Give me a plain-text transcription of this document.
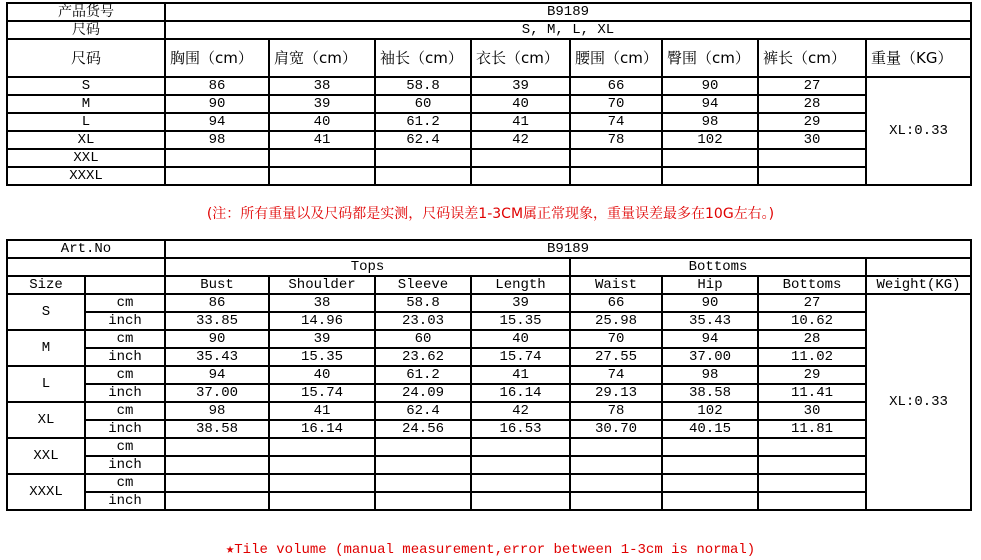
产品货号	B9189							
尺码	S, M, L, XL							
尺码	胸围（cm）	肩宽（cm）	袖长（cm）	衣长（cm）	腰围（cm）	臀围（cm）	裤长（cm）	重量（KG）
S	86	38	58.8	39	66	90	27	XL:0.33
M	90	39	60	40	70	94	28	
L	94	40	61.2	41	74	98	29	
XL	98	41	62.4	42	78	102	30	
XXL								
XXXL								
(注：所有重量以及尺码都是实测，尺码误差1-3CM属正常现象，重量误差最多在10G左右。)
Art.No		B9189							
		Tops				Bottoms			
Size		Bust	Shoulder	Sleeve	Length	Waist	Hip	Bottoms	Weight(KG)
S	cm	86	38	58.8	39	66	90	27	XL:0.33
	inch	33.85	14.96	23.03	15.35	25.98	35.43	10.62	
M	cm	90	39	60	40	70	94	28	
	inch	35.43	15.35	23.62	15.74	27.55	37.00	11.02	
L	cm	94	40	61.2	41	74	98	29	
	inch	37.00	15.74	24.09	16.14	29.13	38.58	11.41	
XL	cm	98	41	62.4	42	78	102	30	
	inch	38.58	16.14	24.56	16.53	30.70	40.15	11.81	
XXL	cm								
	inch								
XXXL	cm								
	inch								
★Tile volume (manual measurement,error between 1-3cm is normal)
